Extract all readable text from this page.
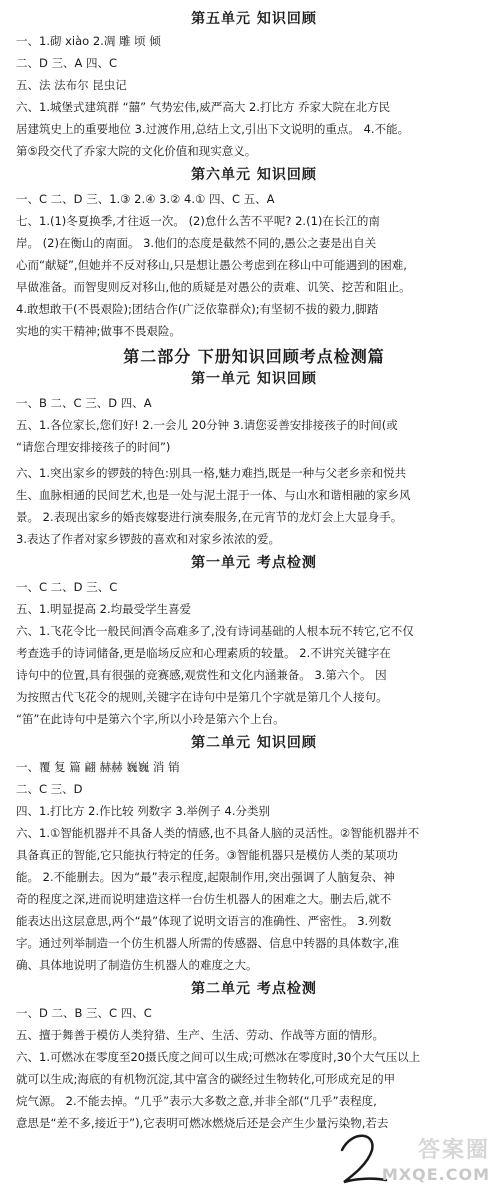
第五单元 知识回顾
一、1.砌 xiào 2.凋 雕 顷 倾
二、D 三、A 四、C
五、法 法布尔 昆虫记
六、1.城堡式建筑群 “囍” 气势宏伟,威严高大 2.打比方 乔家大院在北方民
居建筑史上的重要地位 3.过渡作用,总结上文,引出下文说明的重点。 4.不能。
第⑤段交代了乔家大院的文化价值和现实意义。
第六单元 知识回顾
一、C 二、D 三、1.③ 2.④ 3.② 4.① 四、C 五、A
七、1.(1)冬夏换季,才往返一次。 (2)怠什么苦不平呢? 2.(1)在长江的南
岸。 (2)在衡山的南面。 3.他们的态度是截然不同的,愚公之妻是出自关
心而“献疑”,但她并不反对移山,只是想让愚公考虑到在移山中可能遇到的困难,
早做准备。而智叟则反对移山,他的质疑是对愚公的责难、讥笑、挖苦和阻止。
4.敢想敢干(不畏艰险);团结合作(广泛依靠群众);有坚韧不拔的毅力,脚踏
实地的实干精神;做事不畏艰险。
第二部分 下册知识回顾考点检测篇
第一单元 知识回顾
一、B 二、C 三、D 四、A
五、1.各位家长,您们好! 2.一会儿 20分钟 3.请您妥善安排接孩子的时间(或
“请您合理安排接孩子的时间”)
六、1.突出家乡的锣鼓的特色:别具一格,魅力难挡,既是一种与父老乡亲和悦共
生、血脉相通的民间艺术,也是一处与泥土混于一体、与山水和谐相融的家乡风
景。 2.表现出家乡的婚丧嫁娶进行演奏服务,在元宵节的龙灯会上大显身手。
3.表达了作者对家乡锣鼓的喜欢和对家乡浓浓的爱。
第一单元 考点检测
一、C 二、D 三、C
五、1.明显提高 2.均最受学生喜爱
六、1.飞花令比一般民间酒令高难多了,没有诗词基础的人根本玩不转它,它不仅
考查选手的诗词储备,更是临场反应和心理素质的较量。 2.不讲究关键字在
诗句中的位置,具有很强的竞赛感,观赏性和文化内涵兼备。 3.第六个。 因
为按照古代飞花令的规则,关键字在诗句中是第几个字就是第几个人接句。
“笛”在此诗句中是第六个字,所以小玲是第六个上台。
第二单元 知识回顾
一、覆 复 篇 翩 赫赫 巍巍 消 销
二、C 三、D
四、1.打比方 2.作比较 列数字 3.举例子 4.分类别
六、1.①智能机器并不具备人类的情感,也不具备人脑的灵活性。②智能机器并不
具备真正的智能,它只能执行特定的任务。③智能机器只是模仿人类的某项功
能。 2.不能删去。因为“最”表示程度,起限制作用,突出强调了人脑复杂、神
奇的程度之深,进而说明建造这样一台仿生机器人的困难之大。删去后,就不
能表达出这层意思,两个“最”体现了说明文语言的准确性、严密性。 3.列数
字。通过列举制造一个仿生机器人所需的传感器、信息中转器的具体数字,准
确、具体地说明了制造仿生机器人的难度之大。
第二单元 考点检测
一、D 二、B 三、C 四、C
五、擅于舞善于模仿人类狩猎、生产、生活、劳动、作战等方面的情形。
六、1.可燃冰在零度至20摄氏度之间可以生成;可燃冰在零度时,30个大气压以上
就可以生成;海底的有机物沉淀,其中富含的碳经过生物转化,可形成充足的甲
烷气源。 2.不能去掉。“几乎”表示大多数之意,并非全部(“几乎”表程度,
意思是“差不多,接近于”),它表明可燃冰燃烧后还是会产生少量污染物,若去
答案圈
MXQE.COM
